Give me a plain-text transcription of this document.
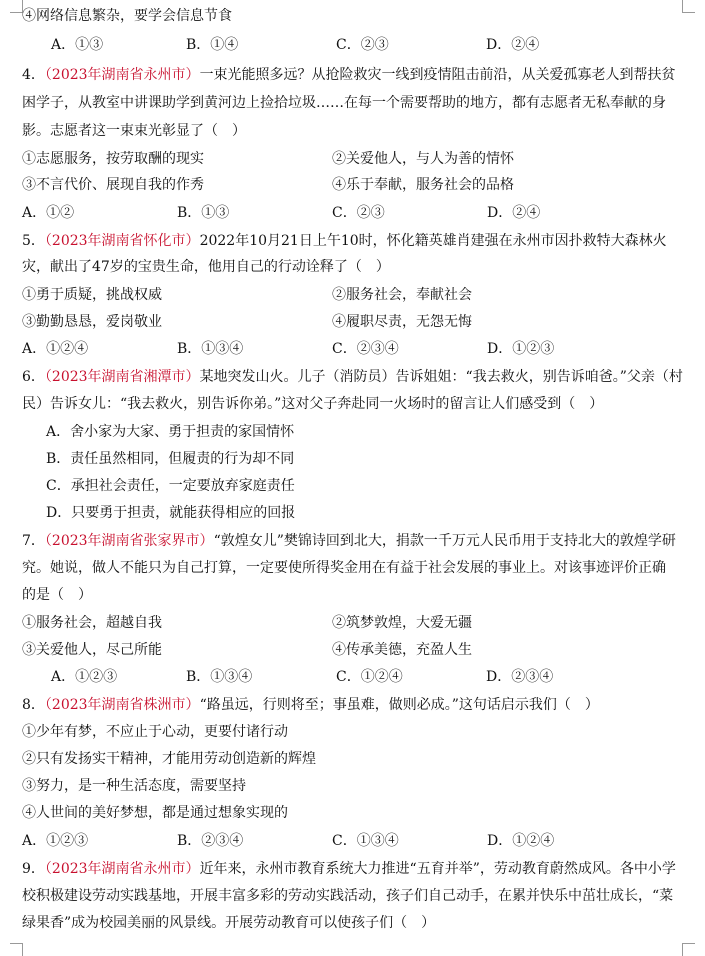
④网络信息繁杂，要学会信息节食
A．①③	B．①④	C．②③	D．②④
4．（2023年湖南省永州市）一束光能照多远？从抢险救灾一线到疫情阻击前沿，从关爱孤寡老人到帮扶贫
困学子，从教室中讲课助学到黄河边上捡拾垃圾……在每一个需要帮助的地方，都有志愿者无私奉献的身
影。志愿者这一束束光彰显了（　）
①志愿服务，按劳取酬的现实	②关爱他人，与人为善的情怀
③不言代价、展现自我的作秀	④乐于奉献，服务社会的品格
A．①②	B．①③	C．②③	D．②④
5．（2023年湖南省怀化市）2022年10月21日上午10时，怀化籍英雄肖建强在永州市因扑救特大森林火
灾，献出了47岁的宝贵生命，他用自己的行动诠释了（　）
①勇于质疑，挑战权威	②服务社会，奉献社会
③勤勤恳恳，爱岗敬业	④履职尽责，无怨无悔
A．①②④	B．①③④	C．②③④	D．①②③
6．（2023年湖南省湘潭市）某地突发山火。儿子（消防员）告诉姐姐：“我去救火，别告诉咱爸。”父亲（村
民）告诉女儿：“我去救火，别告诉你弟。”这对父子奔赴同一火场时的留言让人们感受到（　）
A．舍小家为大家、勇于担责的家国情怀
B．责任虽然相同，但履责的行为却不同
C．承担社会责任，一定要放弃家庭责任
D．只要勇于担责，就能获得相应的回报
7．（2023年湖南省张家界市）“敦煌女儿”樊锦诗回到北大，捐款一千万元人民币用于支持北大的敦煌学研
究。她说，做人不能只为自己打算，一定要使所得奖金用在有益于社会发展的事业上。对该事迹评价正确
的是（　）
①服务社会，超越自我	②筑梦敦煌，大爱无疆
③关爱他人，尽己所能	④传承美德，充盈人生
A．①②③	B．①③④	C．①②④	D．②③④
8．（2023年湖南省株洲市）“路虽远，行则将至；事虽难，做则必成。”这句话启示我们（　）
①少年有梦，不应止于心动，更要付诸行动
②只有发扬实干精神，才能用劳动创造新的辉煌
③努力，是一种生活态度，需要坚持
④人世间的美好梦想，都是通过想象实现的
A．①②③	B．②③④	C．①③④	D．①②④
9．（2023年湖南省永州市）近年来，永州市教育系统大力推进“五育并举”，劳动教育蔚然成风。各中小学
校积极建设劳动实践基地，开展丰富多彩的劳动实践活动，孩子们自己动手，在累并快乐中茁壮成长，“菜
绿果香”成为校园美丽的风景线。开展劳动教育可以使孩子们（　）
